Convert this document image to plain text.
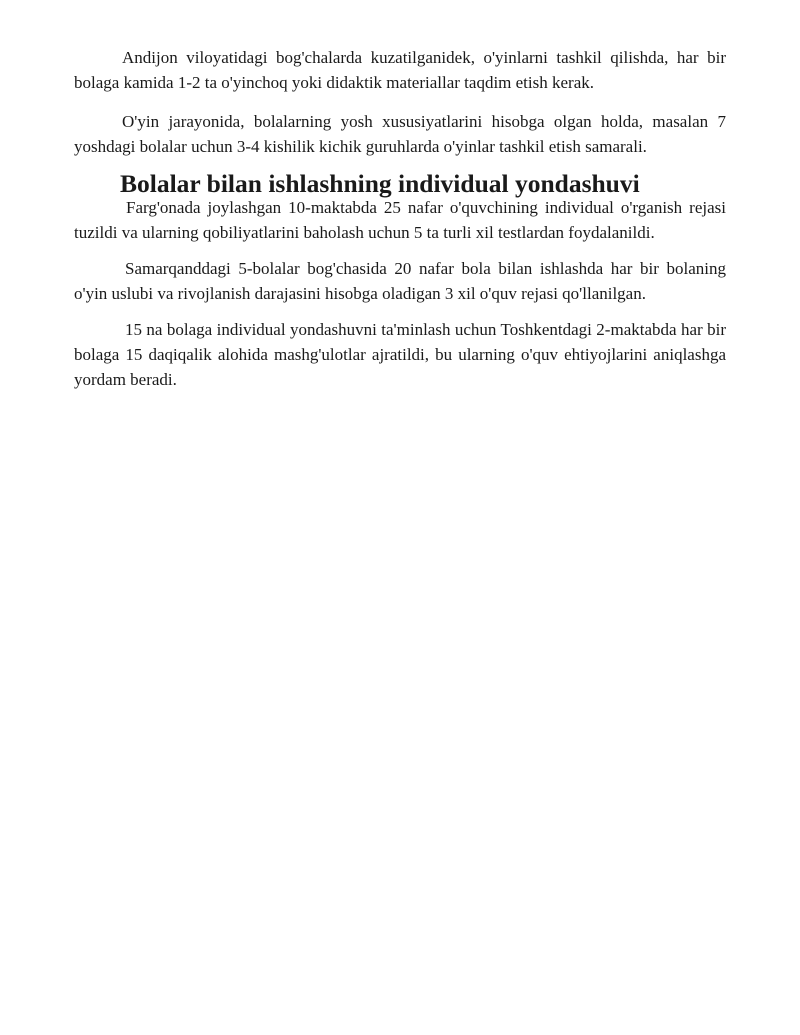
Andijon viloyatidagi bog'chalarda kuzatilganidek, o'yinlarni tashkil qilishda, har bir bolaga kamida 1-2 ta o'yinchoq yoki didaktik materiallar taqdim etish kerak.

O'yin jarayonida, bolalarning yosh xususiyatlarini hisobga olgan holda, masalan 7 yoshdagi bolalar uchun 3-4 kishilik kichik guruhlarda o'yinlar tashkil etish samarali.

Bolalar bilan ishlashning individual yondashuvi

Farg'onada joylashgan 10-maktabda 25 nafar o'quvchining individual o'rganish rejasi tuzildi va ularning qobiliyatlarini baholash uchun 5 ta turli xil testlardan foydalanildi.

Samarqanddagi 5-bolalar bog'chasida 20 nafar bola bilan ishlashda har bir bolaning o'yin uslubi va rivojlanish darajasini hisobga oladigan 3 xil o'quv rejasi qo'llanilgan.

15 na bolaga individual yondashuvni ta'minlash uchun Toshkentdagi 2-maktabda har bir bolaga 15 daqiqalik alohida mashg'ulotlar ajratildi, bu ularning o'quv ehtiyojlarini aniqlashga yordam beradi.
